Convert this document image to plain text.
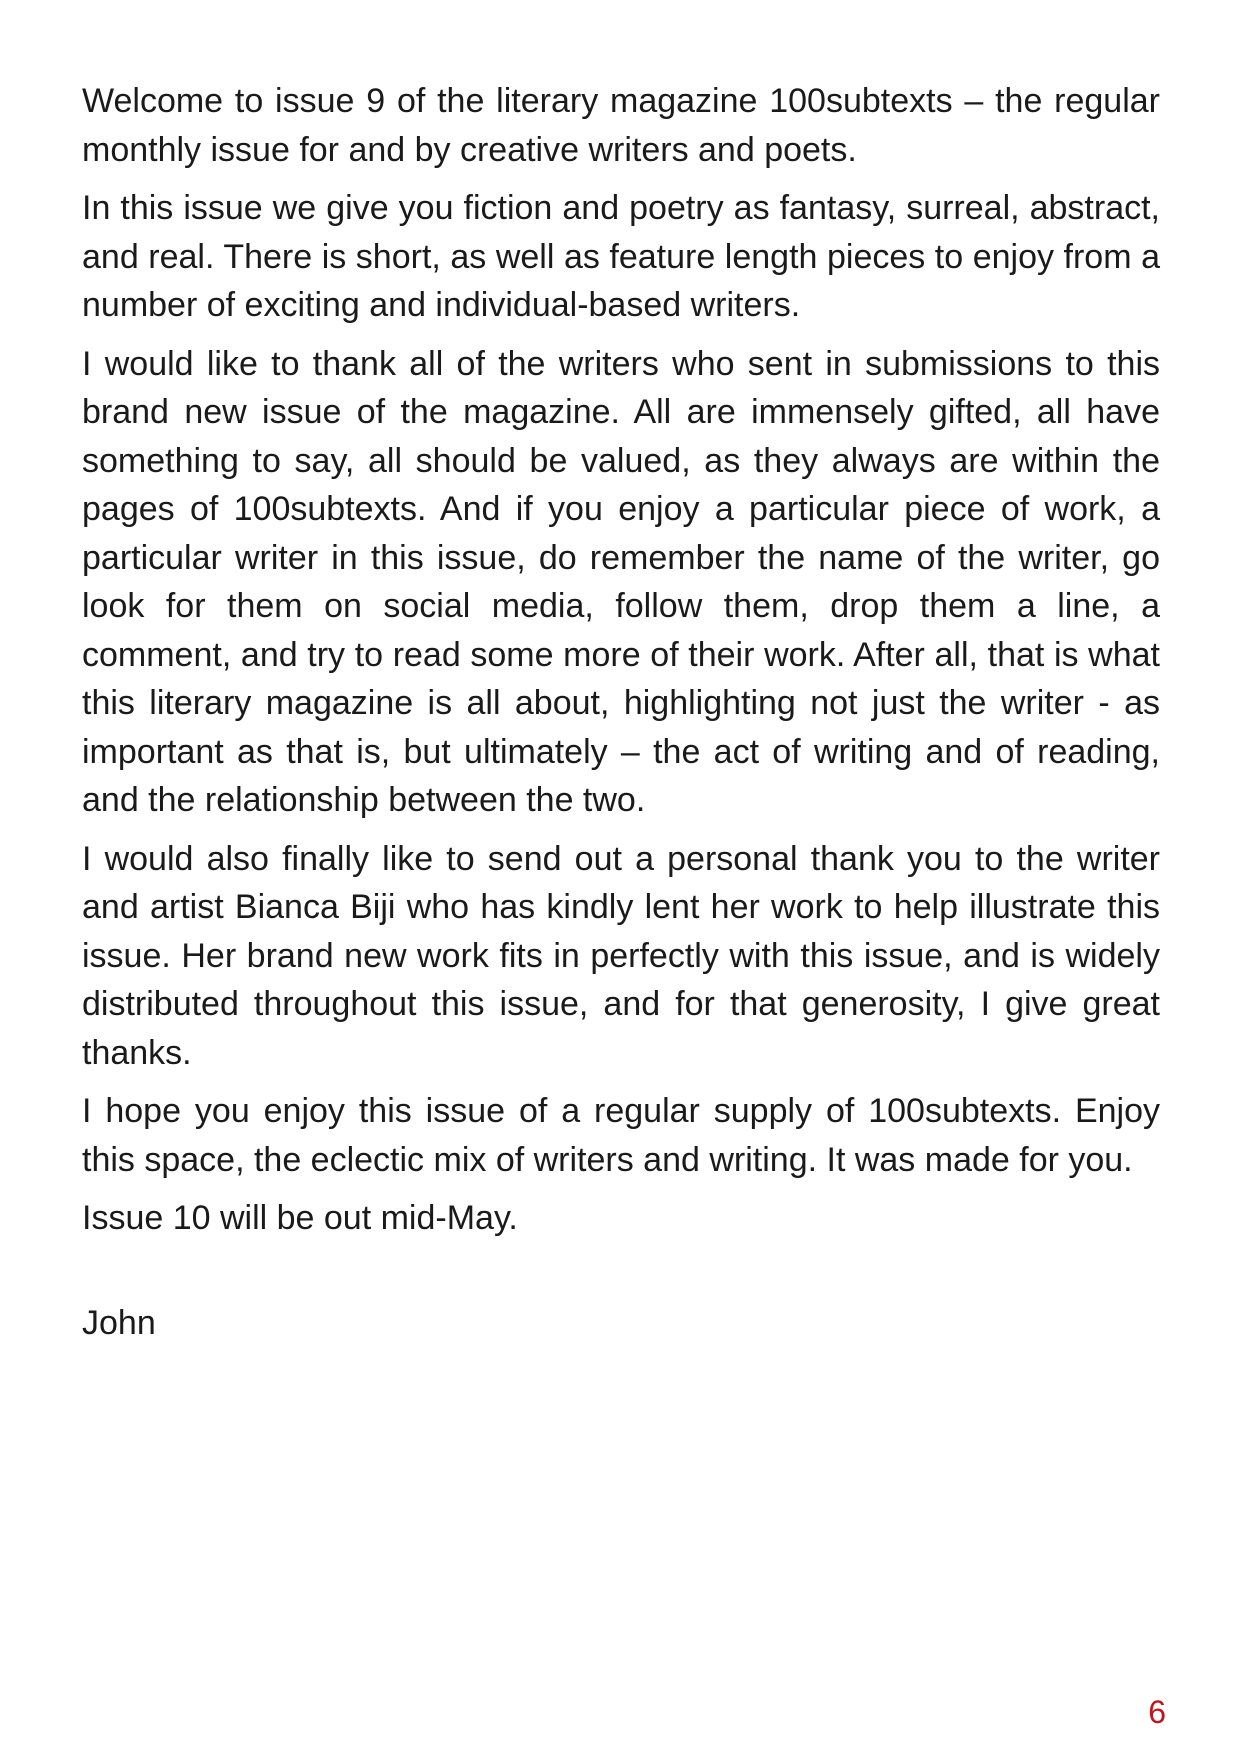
Welcome to issue 9 of the literary magazine 100subtexts – the regular monthly issue for and by creative writers and poets.

In this issue we give you fiction and poetry as fantasy, surreal, abstract, and real. There is short, as well as feature length pieces to enjoy from a number of exciting and individual-based writers.

I would like to thank all of the writers who sent in submissions to this brand new issue of the magazine. All are immensely gifted, all have something to say, all should be valued, as they always are within the pages of 100subtexts. And if you enjoy a particular piece of work, a particular writer in this issue, do remember the name of the writer, go look for them on social media, follow them, drop them a line, a comment, and try to read some more of their work. After all, that is what this literary magazine is all about, highlighting not just the writer - as important as that is, but ultimately – the act of writing and of reading, and the relationship between the two.

I would also finally like to send out a personal thank you to the writer and artist Bianca Biji who has kindly lent her work to help illustrate this issue. Her brand new work fits in perfectly with this issue, and is widely distributed throughout this issue, and for that generosity, I give great thanks.

I hope you enjoy this issue of a regular supply of 100subtexts. Enjoy this space, the eclectic mix of writers and writing. It was made for you.

Issue 10 will be out mid-May.

John

6
